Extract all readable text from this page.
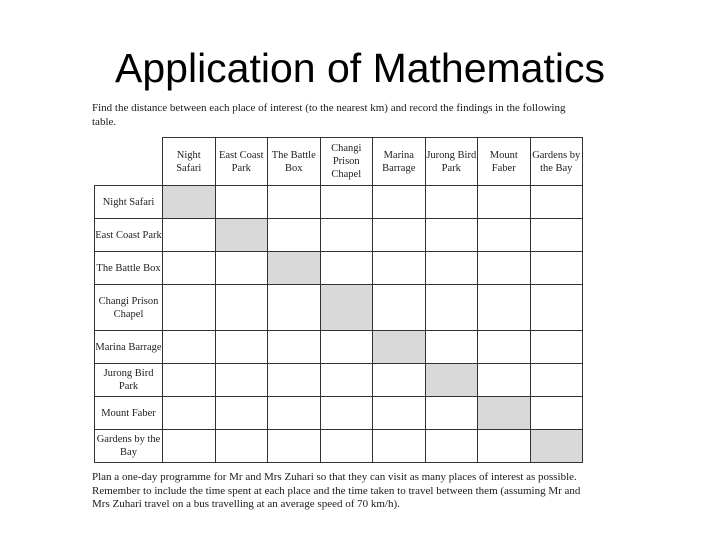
Application of Mathematics

Find the distance between each place of interest (to the nearest km) and record the findings in the following table.

	Night Safari	East Coast Park	The Battle Box	Changi Prison Chapel	Marina Barrage	Jurong Bird Park	Mount Faber	Gardens by the Bay
Night Safari								
East Coast Park								
The Battle Box								
Changi Prison Chapel								
Marina Barrage								
Jurong Bird Park								
Mount Faber								
Gardens by the Bay								

Plan a one-day programme for Mr and Mrs Zuhari so that they can visit as many places of interest as possible. Remember to include the time spent at each place and the time taken to travel between them (assuming Mr and Mrs Zuhari travel on a bus travelling at an average speed of 70 km/h).
